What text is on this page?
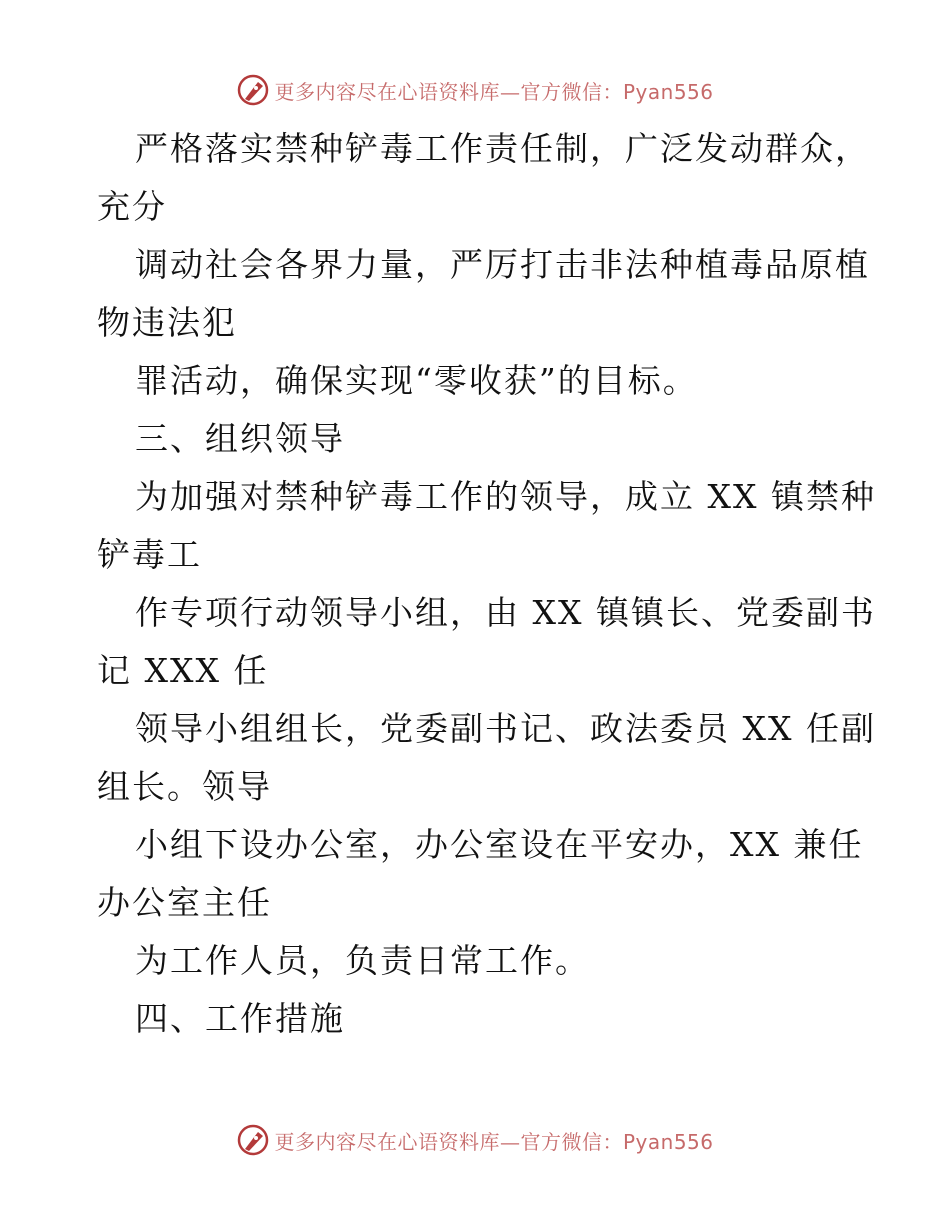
更多内容尽在心语资料库—官方微信：Pyan556
严格落实禁种铲毒工作责任制，广泛发动群众，
充分
调动社会各界力量，严厉打击非法种植毒品原植
物违法犯
罪活动，确保实现“零收获”的目标。
三、组织领导
为加强对禁种铲毒工作的领导，成立 XX 镇禁种
铲毒工
作专项行动领导小组，由 XX 镇镇长、党委副书
记 XXX 任
领导小组组长，党委副书记、政法委员 XX 任副
组长。领导
小组下设办公室，办公室设在平安办，XX 兼任
办公室主任
为工作人员，负责日常工作。
四、工作措施
更多内容尽在心语资料库—官方微信：Pyan556
